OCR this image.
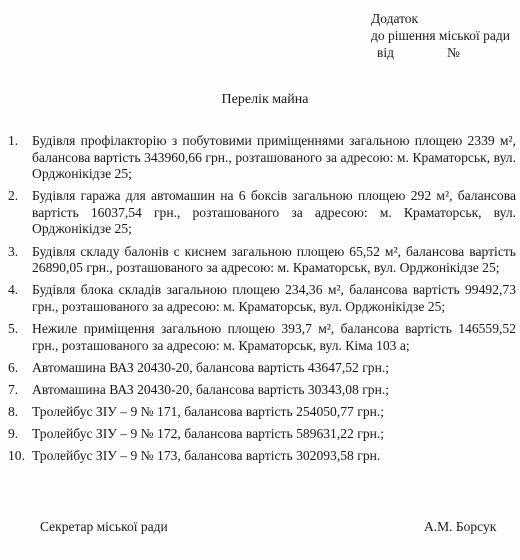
Додаток
до рішення міської ради
від	№
Перелік майна
1.	Будівля профілакторію з побутовими приміщеннями загальною площею 2339 м², балансова вартість 343960,66 грн., розташованого за адресою: м. Краматорськ, вул. Орджонікідзе 25;
2.	Будівля гаража для автомашин на 6 боксів загальною площею 292 м², балансова вартість 16037,54 грн., розташованого за адресою: м. Краматорськ, вул. Орджонікідзе 25;
3.	Будівля складу балонів с киснем загальною площею 65,52 м², балансова вартість 26890,05 грн., розташованого за адресою: м. Краматорськ, вул. Орджонікідзе 25;
4.	Будівля блока складів загальною площею 234,36 м², балансова вартість 99492,73 грн., розташованого за адресою: м. Краматорськ, вул. Орджонікідзе 25;
5.	Нежиле приміщення загальною площею 393,7 м², балансова вартість 146559,52 грн., розташованого за адресою: м. Краматорськ, вул. Кіма 103 а;
6.	Автомашина ВАЗ 20430-20, балансова вартість 43647,52 грн.;
7.	Автомашина ВАЗ 20430-20, балансова вартість 30343,08 грн.;
8.	Тролейбус ЗІУ – 9 № 171, балансова вартість 254050,77 грн.;
9.	Тролейбус ЗІУ – 9 № 172, балансова вартість 589631,22 грн.;
10. Тролейбус ЗІУ – 9 № 173, балансова вартість 302093,58 грн.
Секретар міської ради	А.М. Борсук
